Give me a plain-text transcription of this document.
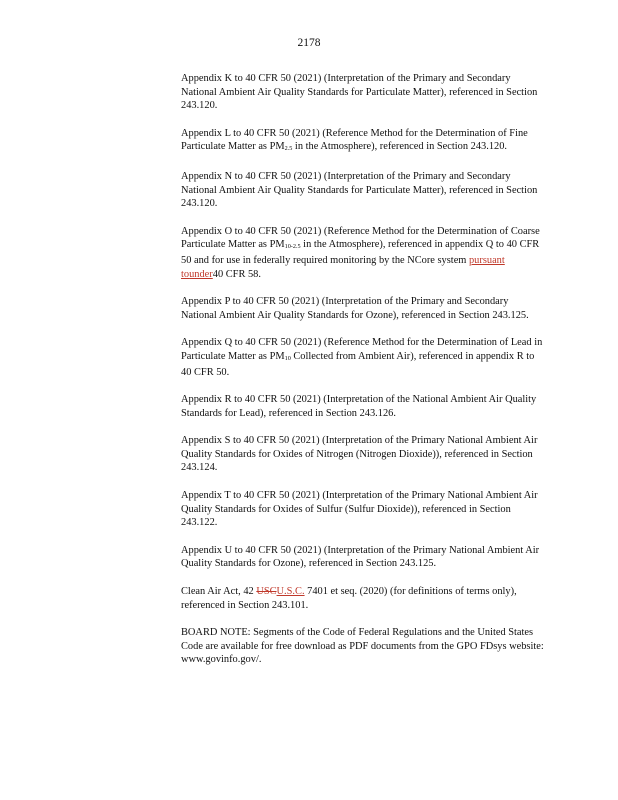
2178

Appendix K to 40 CFR 50 (2021) (Interpretation of the Primary and Secondary National Ambient Air Quality Standards for Particulate Matter), referenced in Section 243.120.

Appendix L to 40 CFR 50 (2021) (Reference Method for the Determination of Fine Particulate Matter as PM2.5 in the Atmosphere), referenced in Section 243.120.

Appendix N to 40 CFR 50 (2021) (Interpretation of the Primary and Secondary National Ambient Air Quality Standards for Particulate Matter), referenced in Section 243.120.

Appendix O to 40 CFR 50 (2021) (Reference Method for the Determination of Coarse Particulate Matter as PM10-2.5 in the Atmosphere), referenced in appendix Q to 40 CFR 50 and for use in federally required monitoring by the NCore system pursuant tounder40 CFR 58.

Appendix P to 40 CFR 50 (2021) (Interpretation of the Primary and Secondary National Ambient Air Quality Standards for Ozone), referenced in Section 243.125.

Appendix Q to 40 CFR 50 (2021) (Reference Method for the Determination of Lead in Particulate Matter as PM10 Collected from Ambient Air), referenced in appendix R to 40 CFR 50.

Appendix R to 40 CFR 50 (2021) (Interpretation of the National Ambient Air Quality Standards for Lead), referenced in Section 243.126.

Appendix S to 40 CFR 50 (2021) (Interpretation of the Primary National Ambient Air Quality Standards for Oxides of Nitrogen (Nitrogen Dioxide)), referenced in Section 243.124.

Appendix T to 40 CFR 50 (2021) (Interpretation of the Primary National Ambient Air Quality Standards for Oxides of Sulfur (Sulfur Dioxide)), referenced in Section 243.122.

Appendix U to 40 CFR 50 (2021) (Interpretation of the Primary National Ambient Air Quality Standards for Ozone), referenced in Section 243.125.

Clean Air Act, 42 USCU.S.C. 7401 et seq. (2020) (for definitions of terms only), referenced in Section 243.101.

BOARD NOTE: Segments of the Code of Federal Regulations and the United States Code are available for free download as PDF documents from the GPO FDsys website: www.govinfo.gov/.
